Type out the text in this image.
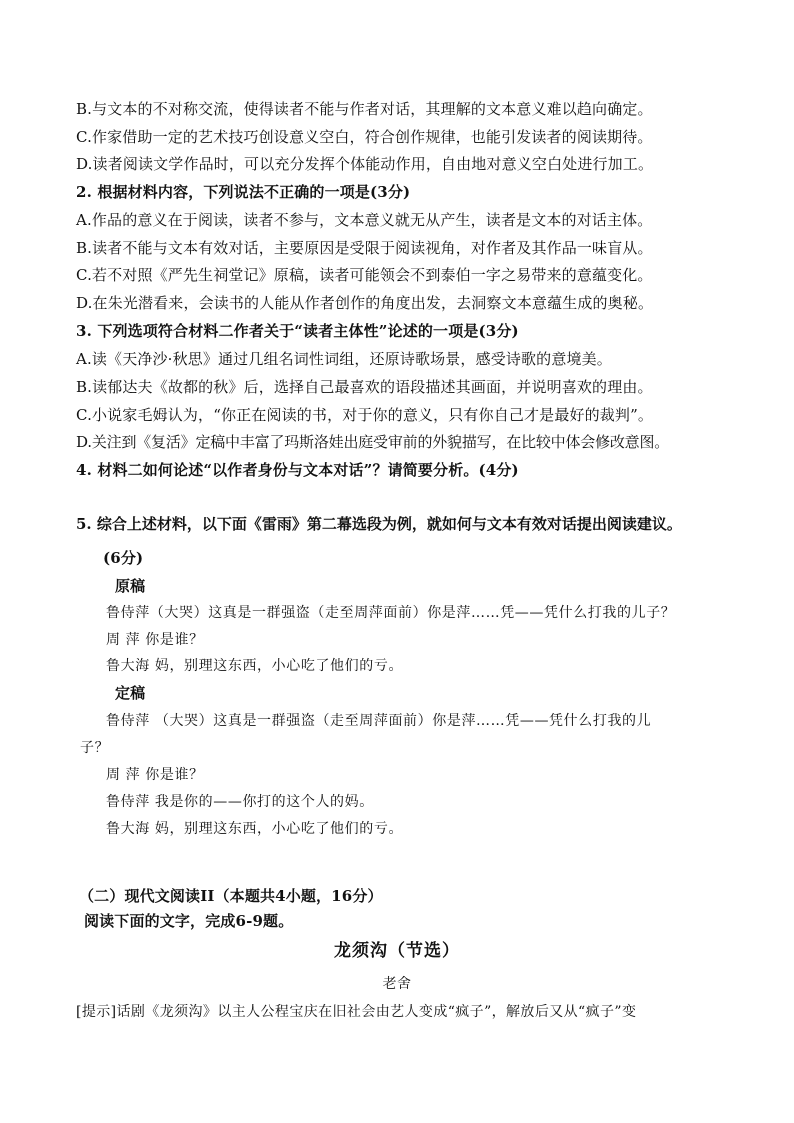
B.与文本的不对称交流，使得读者不能与作者对话，其理解的文本意义难以趋向确定。
C.作家借助一定的艺术技巧创设意义空白，符合创作规律，也能引发读者的阅读期待。
D.读者阅读文学作品时，可以充分发挥个体能动作用，自由地对意义空白处进行加工。
2. 根据材料内容，下列说法不正确的一项是(3分)
A.作品的意义在于阅读，读者不参与，文本意义就无从产生，读者是文本的对话主体。
B.读者不能与文本有效对话，主要原因是受限于阅读视角，对作者及其作品一味盲从。
C.若不对照《严先生祠堂记》原稿，读者可能领会不到泰伯一字之易带来的意蕴变化。
D.在朱光潜看来，会读书的人能从作者创作的角度出发，去洞察文本意蕴生成的奥秘。
3. 下列选项符合材料二作者关于“读者主体性”论述的一项是(3分)
A.读《天净沙·秋思》通过几组名词性词组，还原诗歌场景，感受诗歌的意境美。
B.读郁达夫《故都的秋》后，选择自己最喜欢的语段描述其画面，并说明喜欢的理由。
C.小说家毛姆认为，“你正在阅读的书，对于你的意义，只有你自己才是最好的裁判”。
D.关注到《复活》定稿中丰富了玛斯洛娃出庭受审前的外貌描写，在比较中体会修改意图。
4. 材料二如何论述“以作者身份与文本对话”？请简要分析。(4分)
5. 综合上述材料，以下面《雷雨》第二幕选段为例，就如何与文本有效对话提出阅读建议。
(6分)
原稿
鲁侍萍（大哭）这真是一群强盗（走至周萍面前）你是萍……凭——凭什么打我的儿子？
周 萍 你是谁？
鲁大海 妈，别理这东西，小心吃了他们的亏。
定稿
鲁侍萍 （大哭）这真是一群强盗（走至周萍面前）你是萍……凭——凭什么打我的儿
子？
周 萍 你是谁？
鲁侍萍 我是你的——你打的这个人的妈。
鲁大海 妈，别理这东西，小心吃了他们的亏。
（二）现代文阅读II（本题共4小题，16分）
阅读下面的文字，完成6-9题。
龙须沟（节选）
老舍
[提示]话剧《龙须沟》以主人公程宝庆在旧社会由艺人变成“疯子”，解放后又从“疯子”变
